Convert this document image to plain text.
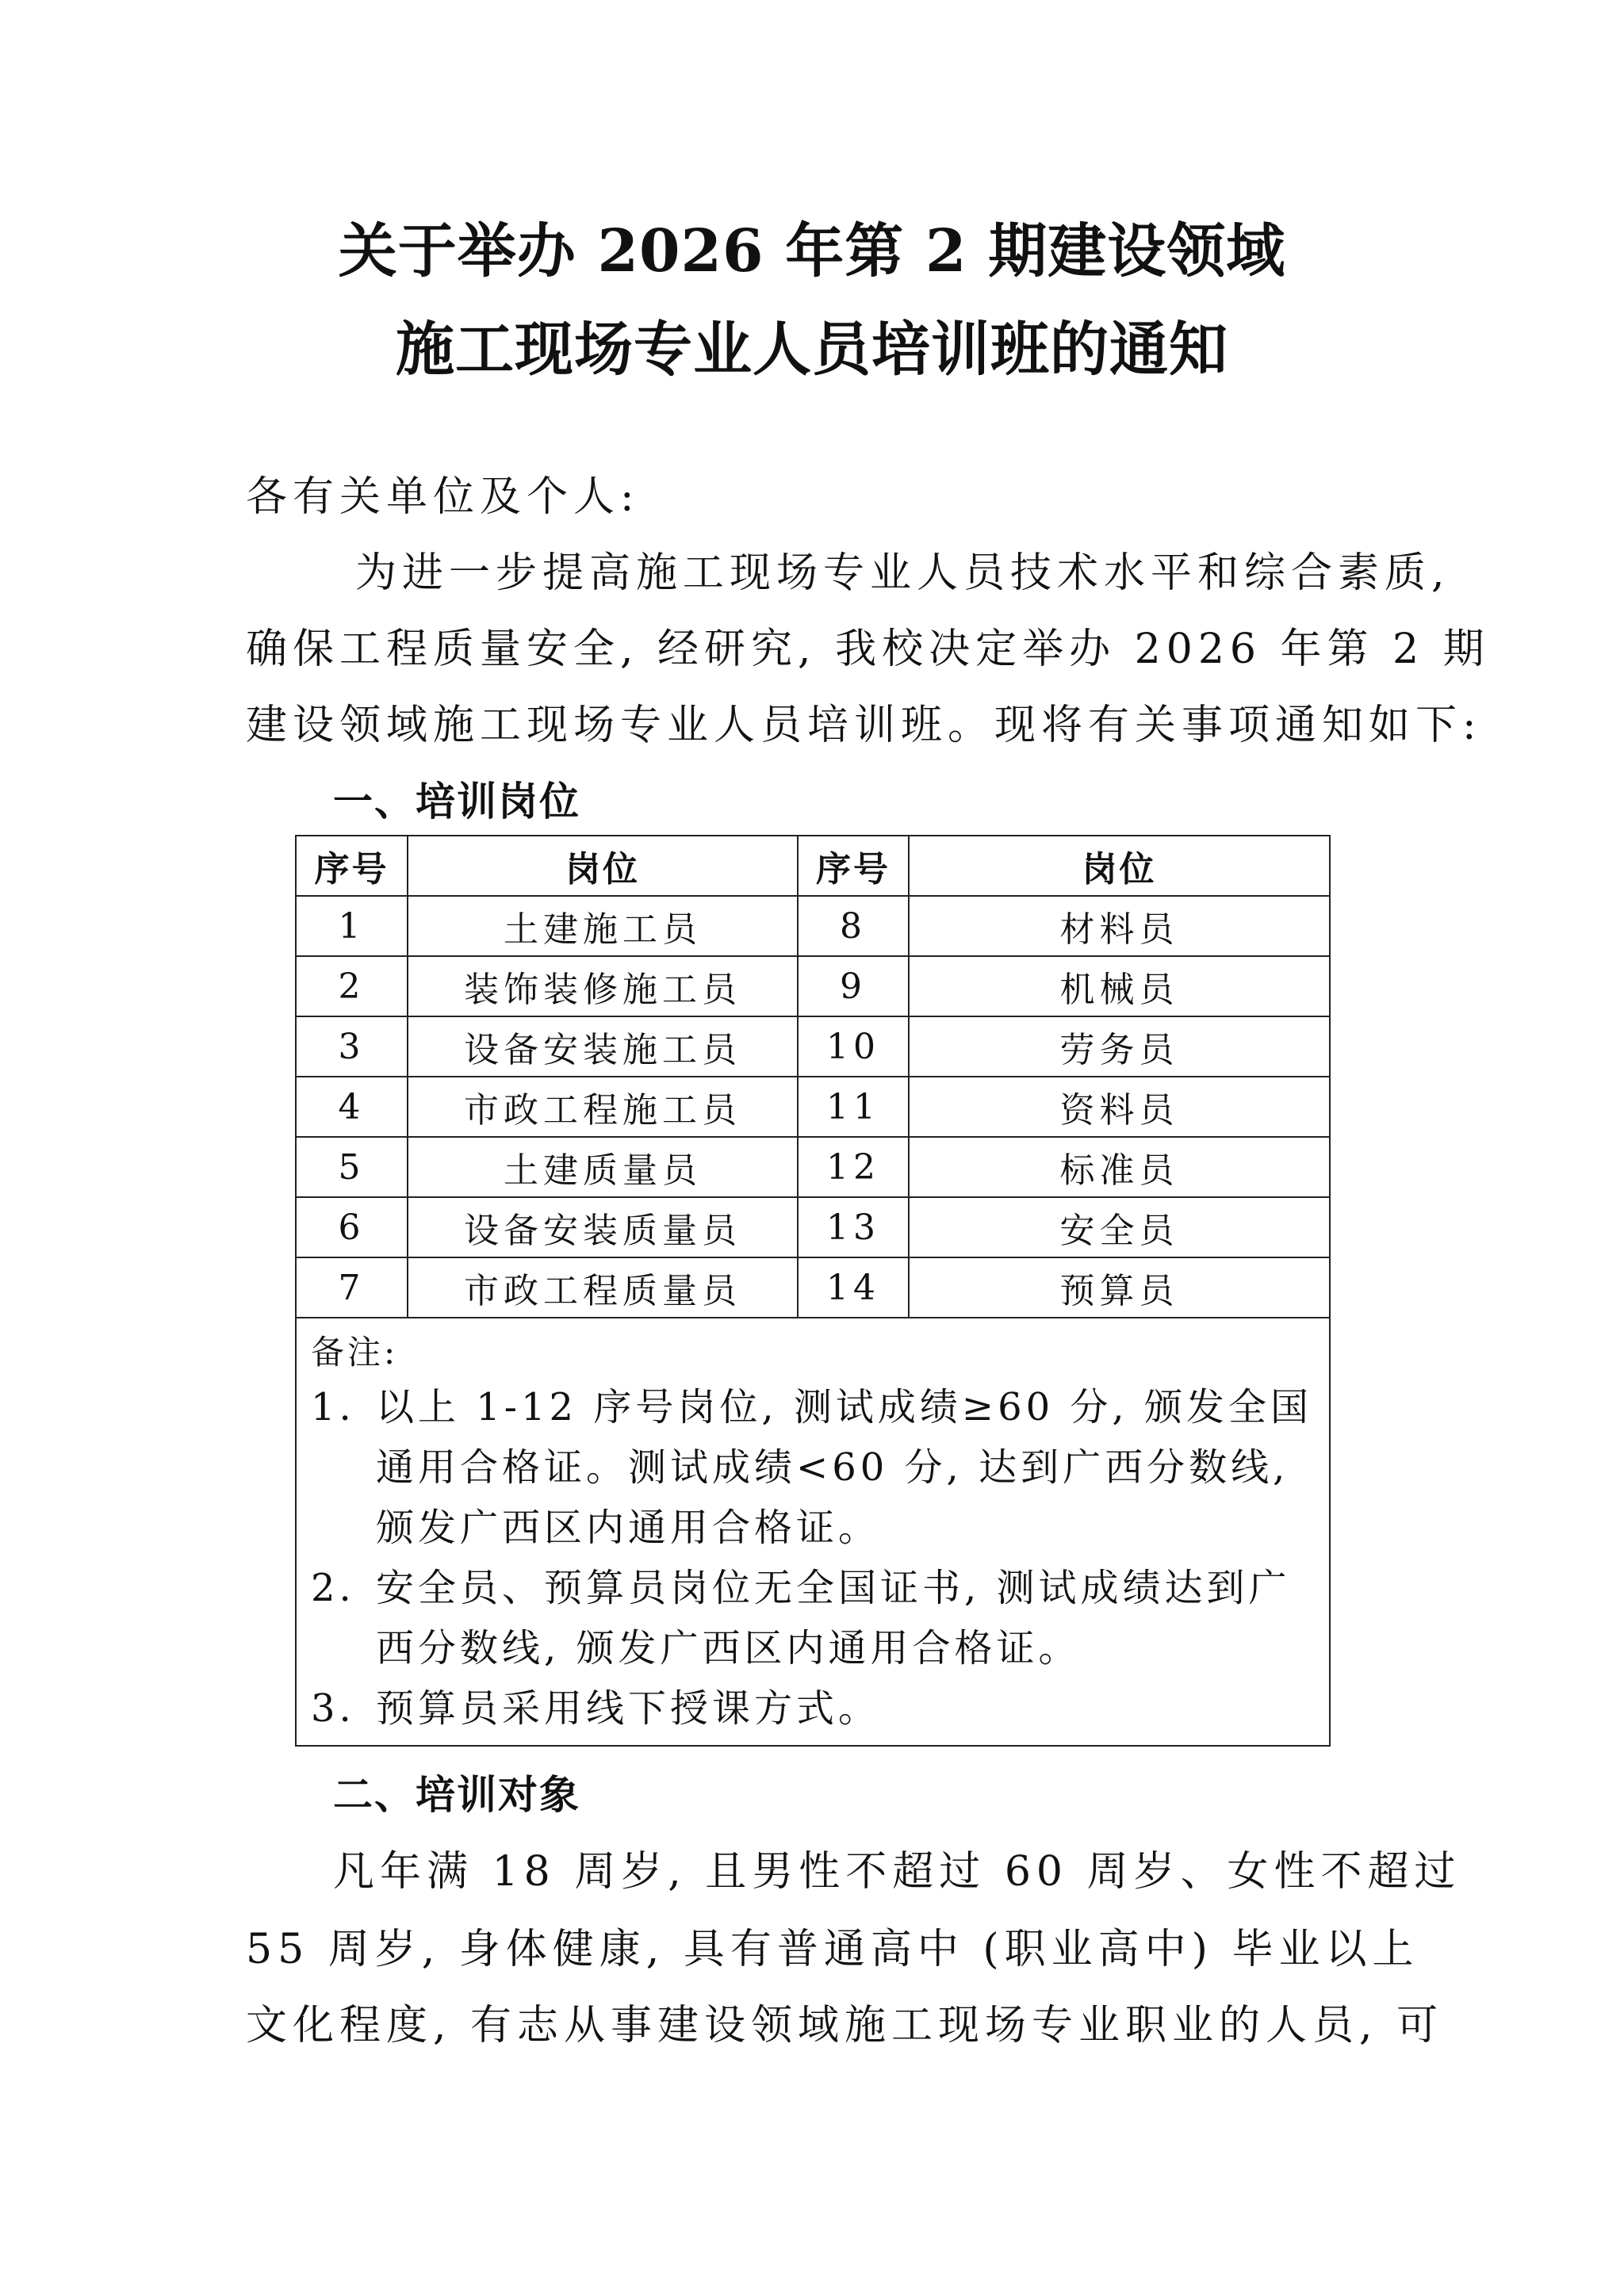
关于举办 2026 年第 2 期建设领域
施工现场专业人员培训班的通知
各有关单位及个人:
为进一步提高施工现场专业人员技术水平和综合素质,
确保工程质量安全, 经研究, 我校决定举办 2026 年第 2 期
建设领域施工现场专业人员培训班。现将有关事项通知如下:
一、培训岗位
序号	岗位	序号	岗位
1	土建施工员	8	材料员
2	装饰装修施工员	9	机械员
3	设备安装施工员	10	劳务员
4	市政工程施工员	11	资料员
5	土建质量员	12	标准员
6	设备安装质量员	13	安全员
7	市政工程质量员	14	预算员
备注:
1. 以上 1-12 序号岗位, 测试成绩≥60 分, 颁发全国
通用合格证。测试成绩<60 分, 达到广西分数线,
颁发广西区内通用合格证。
2. 安全员、预算员岗位无全国证书, 测试成绩达到广
西分数线, 颁发广西区内通用合格证。
3. 预算员采用线下授课方式。
二、培训对象
凡年满 18 周岁, 且男性不超过 60 周岁、女性不超过
55 周岁, 身体健康, 具有普通高中 (职业高中) 毕业以上
文化程度, 有志从事建设领域施工现场专业职业的人员, 可
